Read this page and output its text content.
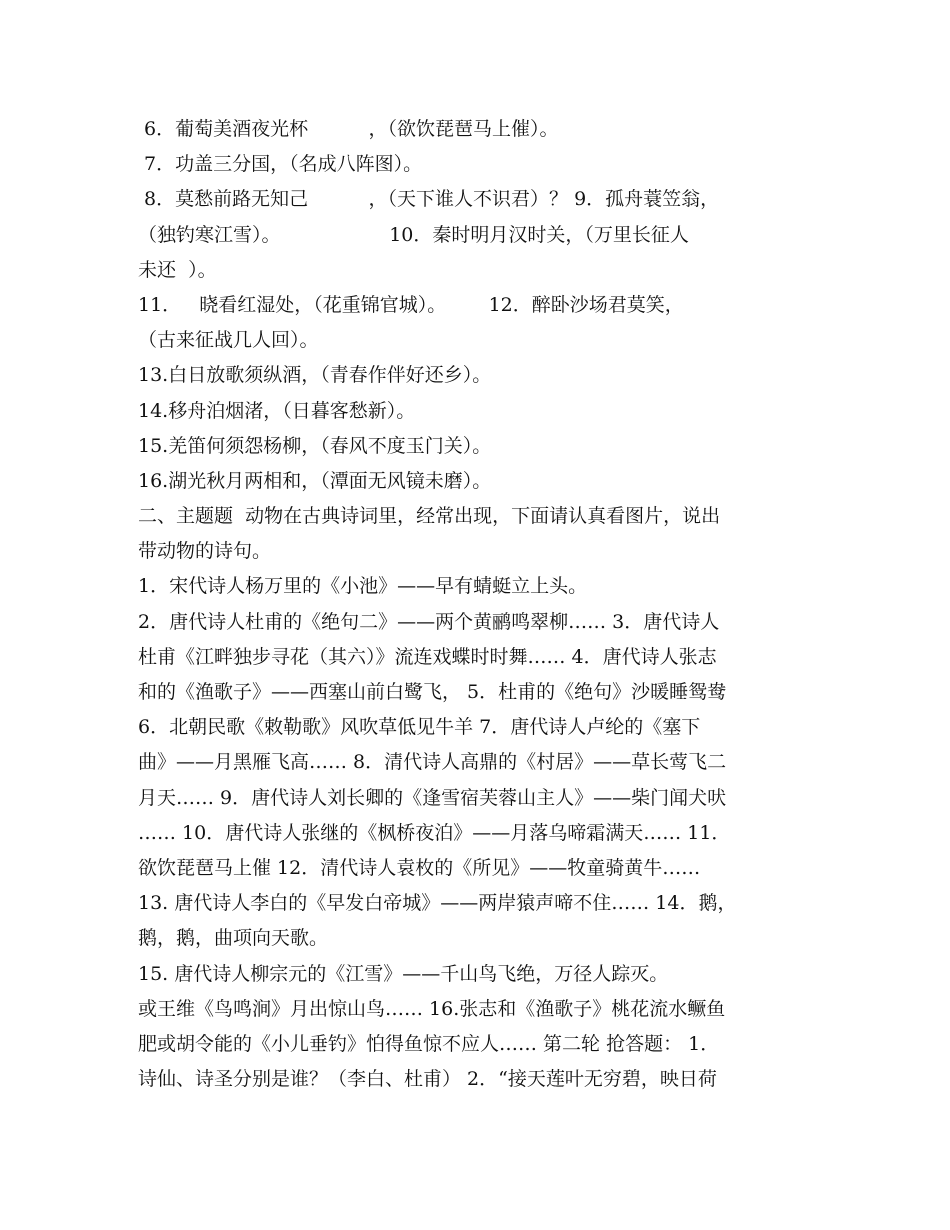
6．葡萄美酒夜光杯          ，（欲饮琵琶马上催）。
7．功盖三分国，（名成八阵图）。
8．莫愁前路无知己          ，（天下谁人不识君）？ 9．孤舟蓑笠翁，
（独钓寒江雪）。                  10．秦时明月汉时关，（万里长征人
未还  ）。
11．   晓看红湿处，（花重锦官城）。       12．醉卧沙场君莫笑，
（古来征战几人回）。
13.白日放歌须纵酒，（青春作伴好还乡）。
14.移舟泊烟渚，（日暮客愁新）。
15.羌笛何须怨杨柳，（春风不度玉门关）。
16.湖光秋月两相和，（潭面无风镜未磨）。
二、主题题  动物在古典诗词里，经常出现，下面请认真看图片，说出
带动物的诗句。
1．宋代诗人杨万里的《小池》——早有蜻蜓立上头。
2．唐代诗人杜甫的《绝句二》——两个黄鹂鸣翠柳…… 3．唐代诗人
杜甫《江畔独步寻花（其六）》流连戏蝶时时舞…… 4．唐代诗人张志
和的《渔歌子》——西塞山前白鹭飞， 5．杜甫的《绝句》沙暖睡鸳鸯
6．北朝民歌《敕勒歌》风吹草低见牛羊 7．唐代诗人卢纶的《塞下
曲》——月黑雁飞高…… 8．清代诗人高鼎的《村居》——草长莺飞二
月天…… 9．唐代诗人刘长卿的《逢雪宿芙蓉山主人》——柴门闻犬吠
…… 10．唐代诗人张继的《枫桥夜泊》——月落乌啼霜满天…… 11．
欲饮琵琶马上催 12．清代诗人袁枚的《所见》——牧童骑黄牛……
13. 唐代诗人李白的《早发白帝城》——两岸猿声啼不住…… 14．鹅，
鹅，鹅，曲项向天歌。
15. 唐代诗人柳宗元的《江雪》——千山鸟飞绝，万径人踪灭。
或王维《鸟鸣涧》月出惊山鸟…… 16.张志和《渔歌子》桃花流水鳜鱼
肥或胡令能的《小儿垂钓》怕得鱼惊不应人…… 第二轮 抢答题： 1．
诗仙、诗圣分别是谁？（李白、杜甫） 2．“接天莲叶无穷碧，映日荷
